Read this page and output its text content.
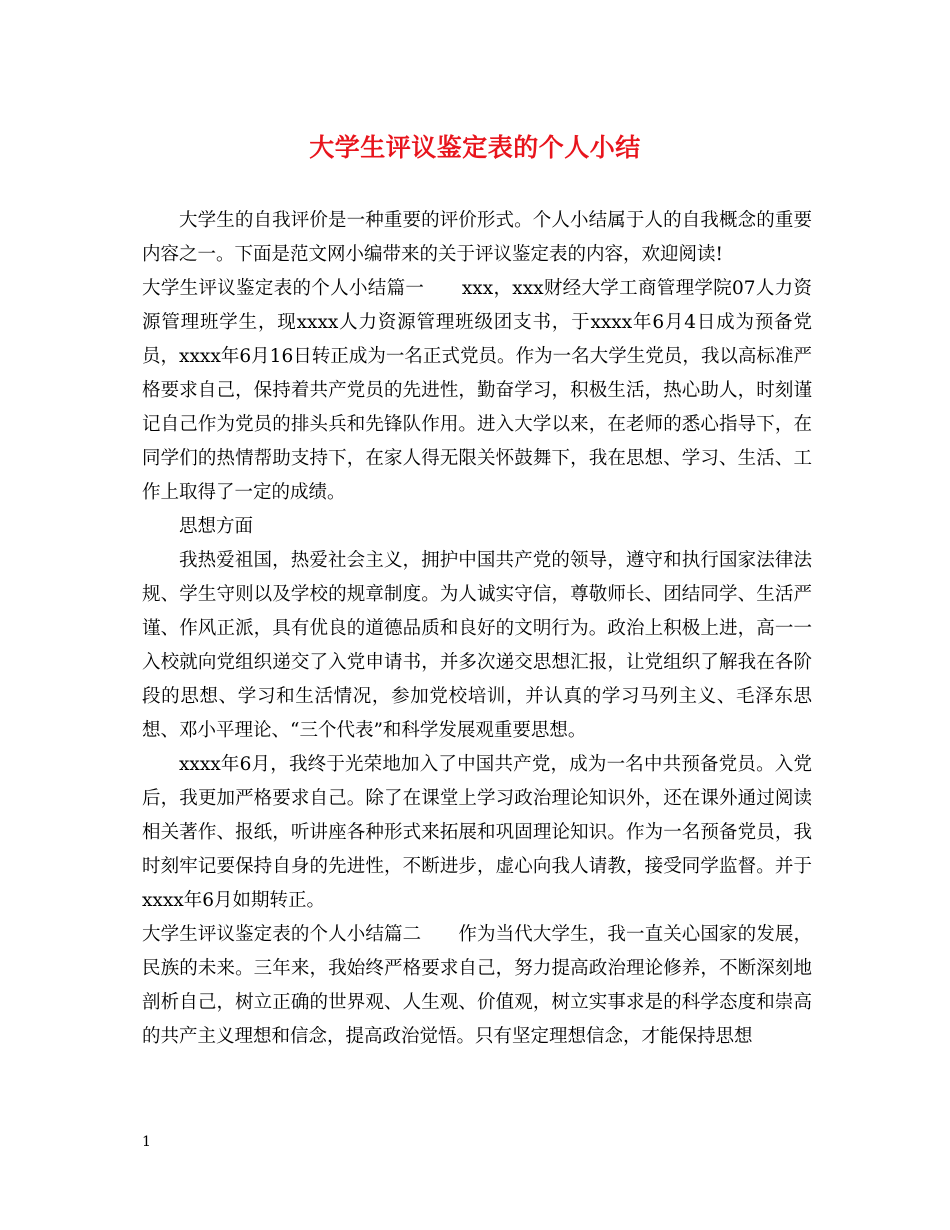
大学生评议鉴定表的个人小结

大学生的自我评价是一种重要的评价形式。个人小结属于人的自我概念的重要内容之一。下面是范文网小编带来的关于评议鉴定表的内容，欢迎阅读!

大学生评议鉴定表的个人小结篇一　　xxx，xxx财经大学工商管理学院07人力资源管理班学生，现xxxx人力资源管理班级团支书，于xxxx年6月4日成为预备党员，xxxx年6月16日转正成为一名正式党员。作为一名大学生党员，我以高标准严格要求自己，保持着共产党员的先进性，勤奋学习，积极生活，热心助人，时刻谨记自己作为党员的排头兵和先锋队作用。进入大学以来，在老师的悉心指导下，在同学们的热情帮助支持下，在家人得无限关怀鼓舞下，我在思想、学习、生活、工作上取得了一定的成绩。

思想方面

我热爱祖国，热爱社会主义，拥护中国共产党的领导，遵守和执行国家法律法规、学生守则以及学校的规章制度。为人诚实守信，尊敬师长、团结同学、生活严谨、作风正派，具有优良的道德品质和良好的文明行为。政治上积极上进，高一一入校就向党组织递交了入党申请书，并多次递交思想汇报，让党组织了解我在各阶段的思想、学习和生活情况，参加党校培训，并认真的学习马列主义、毛泽东思想、邓小平理论、“三个代表”和科学发展观重要思想。

xxxx年6月，我终于光荣地加入了中国共产党，成为一名中共预备党员。入党后，我更加严格要求自己。除了在课堂上学习政治理论知识外，还在课外通过阅读相关著作、报纸，听讲座各种形式来拓展和巩固理论知识。作为一名预备党员，我时刻牢记要保持自身的先进性，不断进步，虚心向我人请教，接受同学监督。并于xxxx年6月如期转正。

大学生评议鉴定表的个人小结篇二　　作为当代大学生，我一直关心国家的发展，民族的未来。三年来，我始终严格要求自己，努力提高政治理论修养，不断深刻地剖析自己，树立正确的世界观、人生观、价值观，树立实事求是的科学态度和崇高的共产主义理想和信念，提高政治觉悟。只有坚定理想信念，才能保持思想

1
